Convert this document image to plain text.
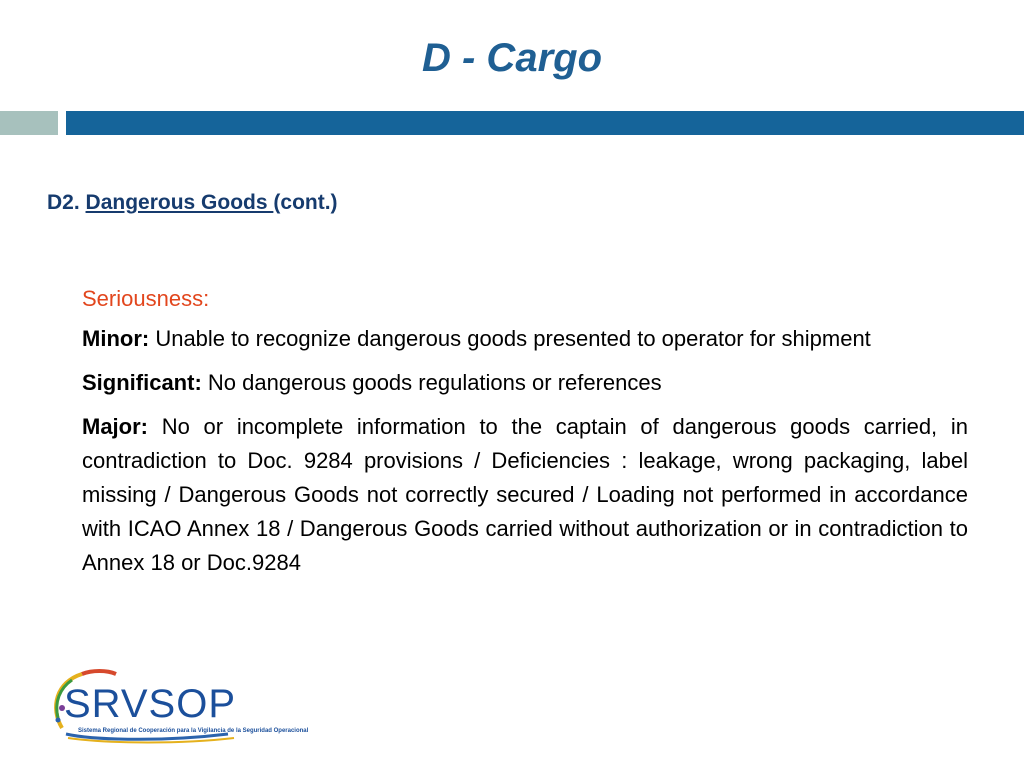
D - Cargo
D2. Dangerous Goods (cont.)

Seriousness:

Minor: Unable to recognize dangerous goods presented to operator for shipment

Significant: No dangerous goods regulations or references

Major: No or incomplete information to the captain of dangerous goods carried, in contradiction to Doc. 9284 provisions / Deficiencies : leakage, wrong packaging, label missing / Dangerous Goods not correctly secured / Loading not performed in accordance with ICAO Annex 18 / Dangerous Goods carried without authorization or in contradiction to Annex 18 or Doc.9284

SRVSOP
Sistema Regional de Cooperación para la Vigilancia de la Seguridad Operacional
